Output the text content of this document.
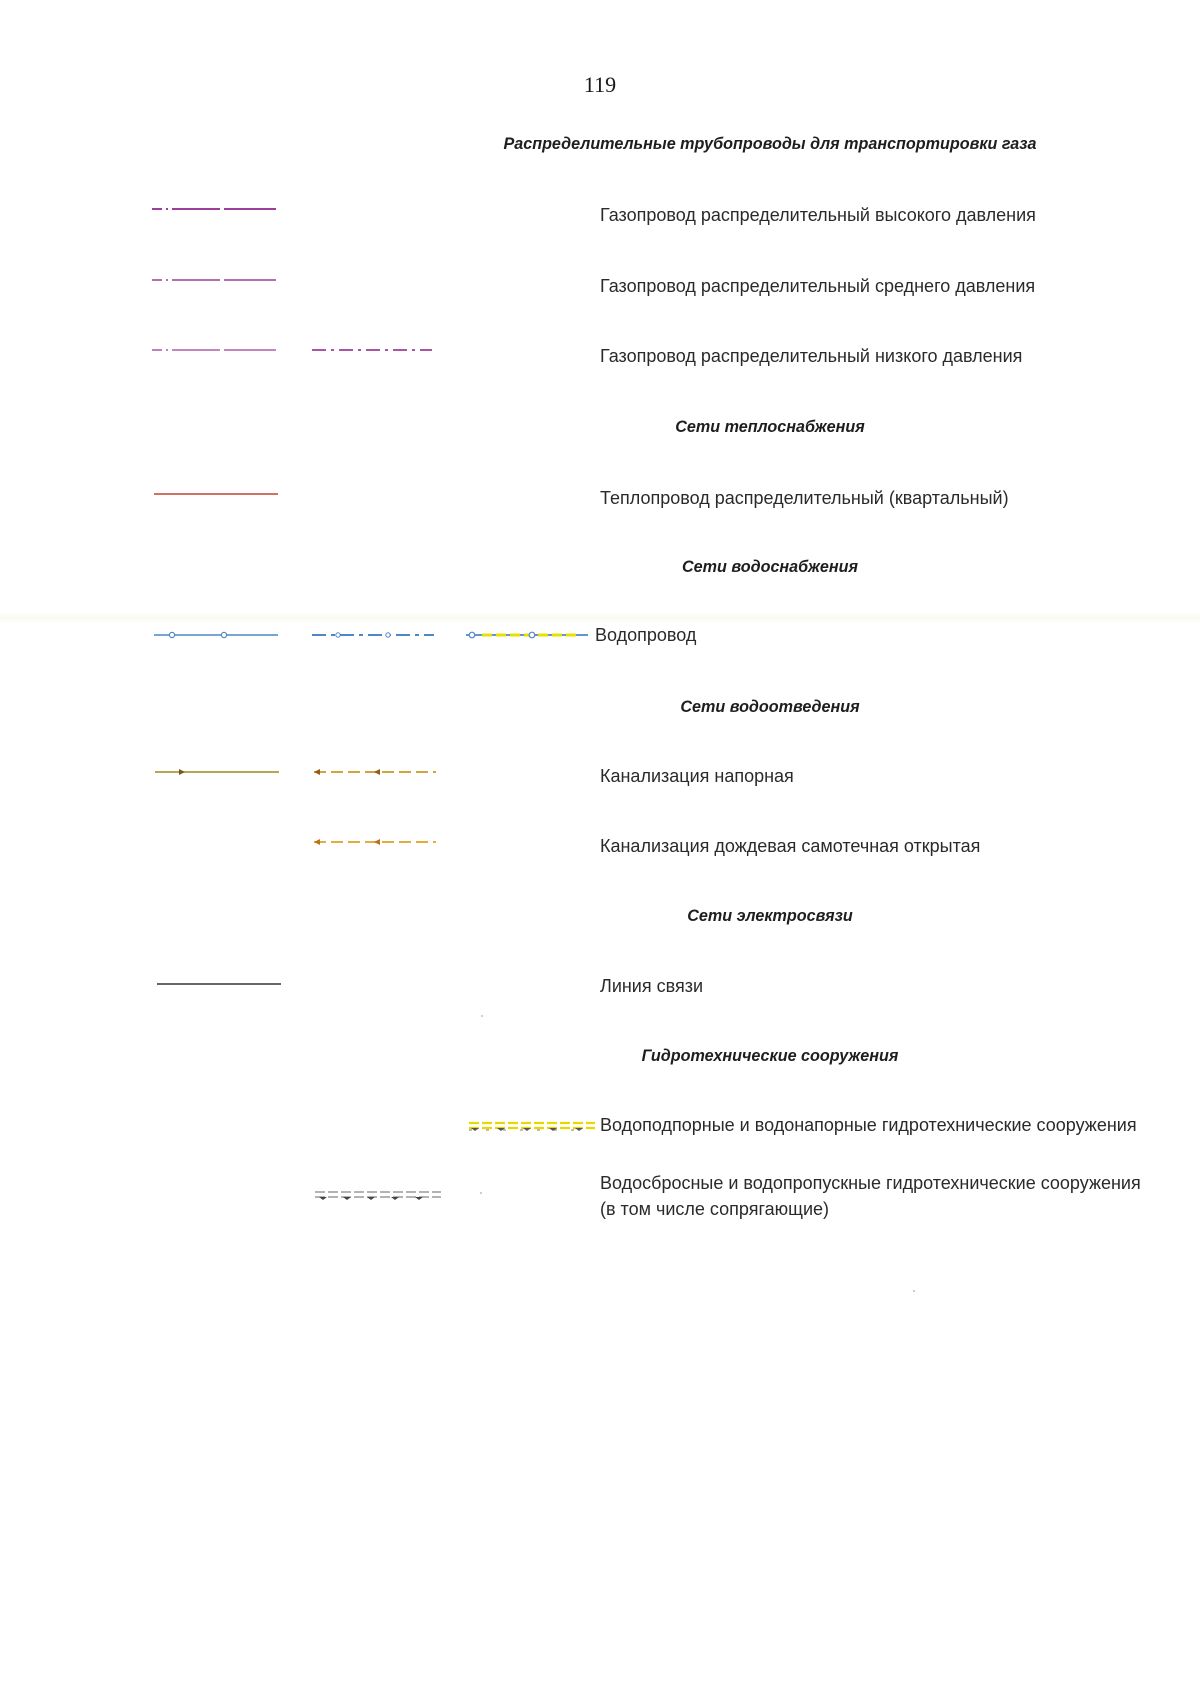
119
Распределительные трубопроводы для транспортировки газа
Газопровод распределительный высокого давления
Газопровод распределительный среднего давления
Газопровод распределительный низкого давления
Сети теплоснабжения
Теплопровод распределительный (квартальный)
Сети водоснабжения
Водопровод
Сети водоотведения
Канализация напорная
Канализация дождевая самотечная открытая
Сети электросвязи
Линия связи
Гидротехнические сооружения
Водоподпорные и водонапорные гидротехнические сооружения
Водосбросные и водопропускные гидротехнические сооружения (в том числе сопрягающие)
